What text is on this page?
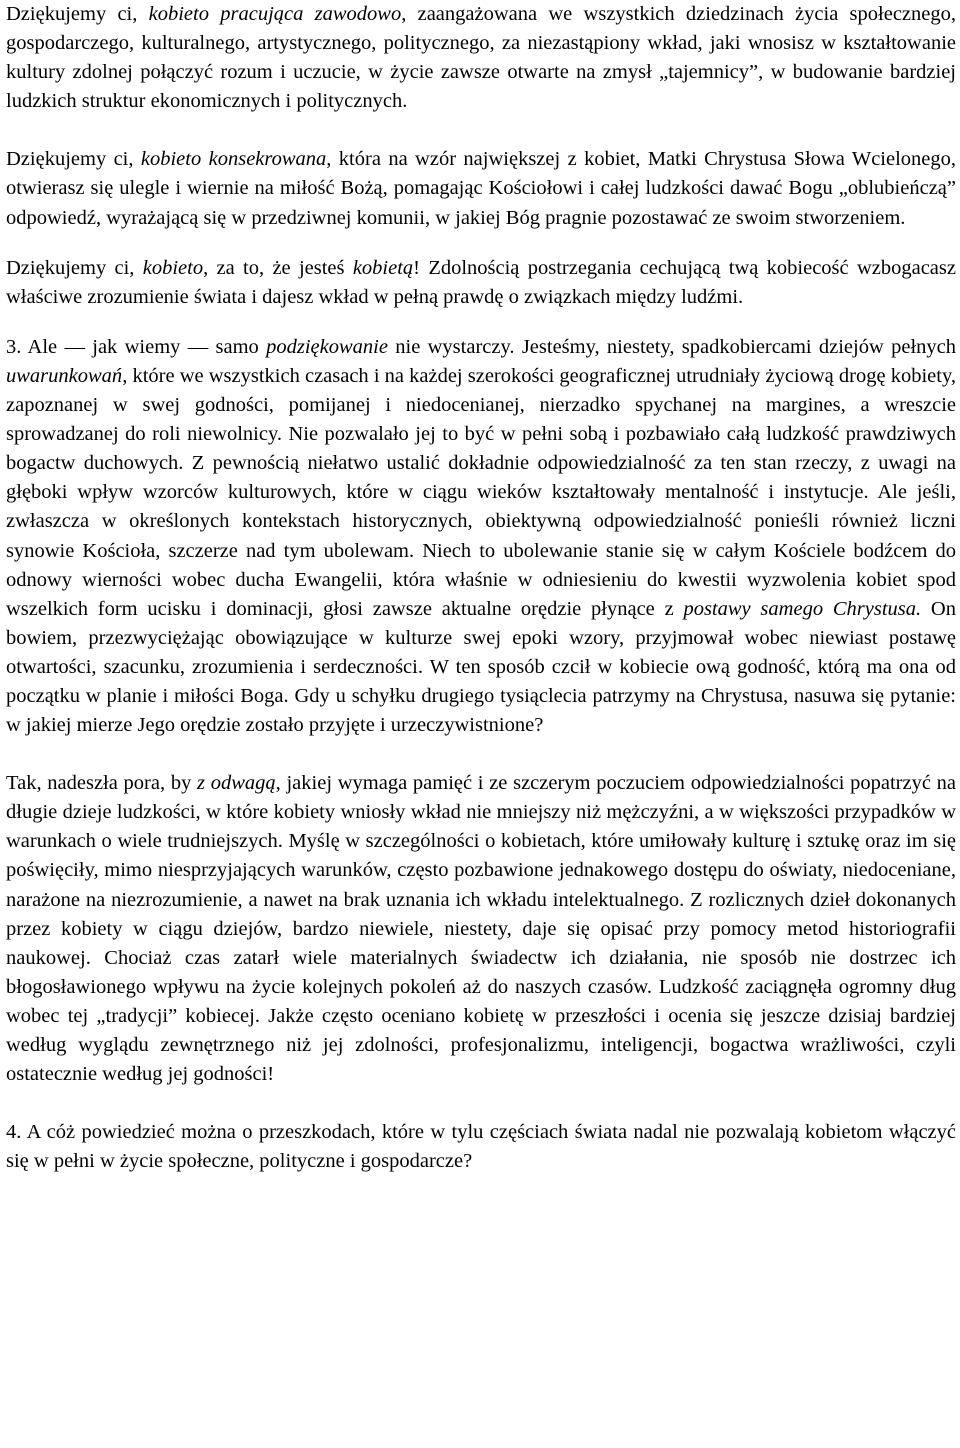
Dziękujemy ci, kobieto pracująca zawodowo, zaangażowana we wszystkich dziedzinach życia społecznego, gospodarczego, kulturalnego, artystycznego, politycznego, za niezastąpiony wkład, jaki wnosisz w kształtowanie kultury zdolnej połączyć rozum i uczucie, w życie zawsze otwarte na zmysł „tajemnicy”, w budowanie bardziej ludzkich struktur ekonomicznych i politycznych.

Dziękujemy ci, kobieto konsekrowana, która na wzór największej z kobiet, Matki Chrystusa Słowa Wcielonego, otwierasz się ulegle i wiernie na miłość Bożą, pomagając Kościołowi i całej ludzkości dawać Bogu „oblubieńczą” odpowiedź, wyrażającą się w przedziwnej komunii, w jakiej Bóg pragnie pozostawać ze swoim stworzeniem.

Dziękujemy ci, kobieto, za to, że jesteś kobietą! Zdolnością postrzegania cechującą twą kobiecość wzbogacasz właściwe zrozumienie świata i dajesz wkład w pełną prawdę o związkach między ludźmi.

3. Ale — jak wiemy — samo podziękowanie nie wystarczy. Jesteśmy, niestety, spadkobiercami dziejów pełnych uwarunkowań, które we wszystkich czasach i na każdej szerokości geograficznej utrudniały życiową drogę kobiety, zapoznanej w swej godności, pomijanej i niedocenianej, nierzadko spychanej na margines, a wreszcie sprowadzanej do roli niewolnicy. Nie pozwalało jej to być w pełni sobą i pozbawiało całą ludzkość prawdziwych bogactw duchowych. Z pewnością niełatwo ustalić dokładnie odpowiedzialność za ten stan rzeczy, z uwagi na głęboki wpływ wzorców kulturowych, które w ciągu wieków kształtowały mentalność i instytucje. Ale jeśli, zwłaszcza w określonych kontekstach historycznych, obiektywną odpowiedzialność ponieśli również liczni synowie Kościoła, szczerze nad tym ubolewam. Niech to ubolewanie stanie się w całym Kościele bodźcem do odnowy wierności wobec ducha Ewangelii, która właśnie w odniesieniu do kwestii wyzwolenia kobiet spod wszelkich form ucisku i dominacji, głosi zawsze aktualne orędzie płynące z postawy samego Chrystusa. On bowiem, przezwyciężając obowiązujące w kulturze swej epoki wzory, przyjmował wobec niewiast postawę otwartości, szacunku, zrozumienia i serdeczności. W ten sposób czcił w kobiecie ową godność, którą ma ona od początku w planie i miłości Boga. Gdy u schyłku drugiego tysiąclecia patrzymy na Chrystusa, nasuwa się pytanie: w jakiej mierze Jego orędzie zostało przyjęte i urzeczywistnione?

Tak, nadeszła pora, by z odwagą, jakiej wymaga pamięć i ze szczerym poczuciem odpowiedzialności popatrzyć na długie dzieje ludzkości, w które kobiety wniosły wkład nie mniejszy niż mężczyźni, a w większości przypadków w warunkach o wiele trudniejszych. Myślę w szczególności o kobietach, które umiłowały kulturę i sztukę oraz im się poświęciły, mimo niesprzyjających warunków, często pozbawione jednakowego dostępu do oświaty, niedoceniane, narażone na niezrozumienie, a nawet na brak uznania ich wkładu intelektualnego. Z rozlicznych dzieł dokonanych przez kobiety w ciągu dziejów, bardzo niewiele, niestety, daje się opisać przy pomocy metod historiografii naukowej. Chociaż czas zatarł wiele materialnych świadectw ich działania, nie sposób nie dostrzec ich błogosławionego wpływu na życie kolejnych pokoleń aż do naszych czasów. Ludzkość zaciągnęła ogromny dług wobec tej „tradycji” kobiecej. Jakże często oceniano kobietę w przeszłości i ocenia się jeszcze dzisiaj bardziej według wyglądu zewnętrznego niż jej zdolności, profesjonalizmu, inteligencji, bogactwa wrażliwości, czyli ostatecznie według jej godności!

4. A cóż powiedzieć można o przeszkodach, które w tylu częściach świata nadal nie pozwalają kobietom włączyć się w pełni w życie społeczne, polityczne i gospodarcze?
